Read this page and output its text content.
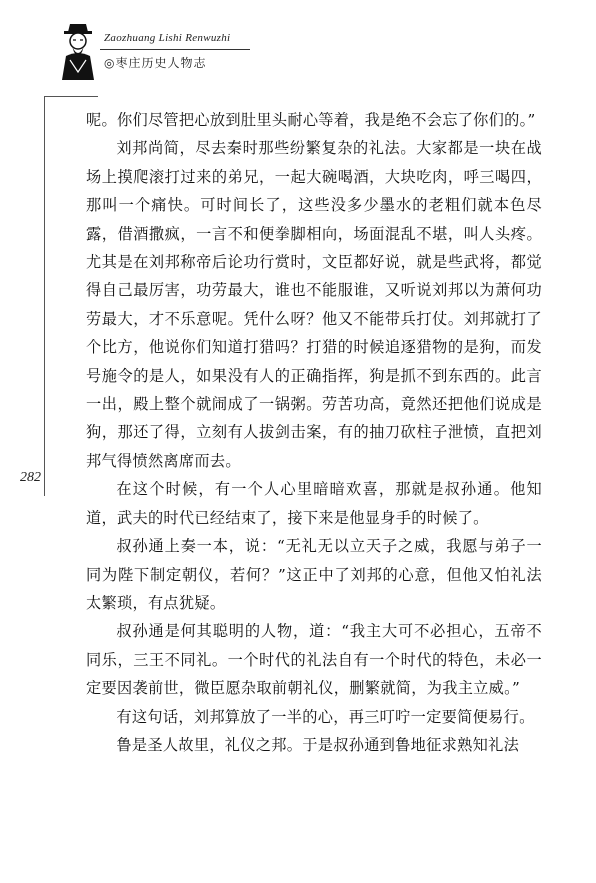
Zaozhuang Lishi Renwuzhi
◎枣庄历史人物志
282

呢。你们尽管把心放到肚里头耐心等着，我是绝不会忘了你们的。”

刘邦尚简，尽去秦时那些纷繁复杂的礼法。大家都是一块在战场上摸爬滚打过来的弟兄，一起大碗喝酒，大块吃肉，呼三喝四，那叫一个痛快。可时间长了，这些没多少墨水的老粗们就本色尽露，借酒撒疯，一言不和便拳脚相向，场面混乱不堪，叫人头疼。尤其是在刘邦称帝后论功行赏时，文臣都好说，就是些武将，都觉得自己最厉害，功劳最大，谁也不能服谁，又听说刘邦以为萧何功劳最大，才不乐意呢。凭什么呀？他又不能带兵打仗。刘邦就打了个比方，他说你们知道打猎吗？打猎的时候追逐猎物的是狗，而发号施令的是人，如果没有人的正确指挥，狗是抓不到东西的。此言一出，殿上整个就闹成了一锅粥。劳苦功高，竟然还把他们说成是狗，那还了得，立刻有人拔剑击案，有的抽刀砍柱子泄愤，直把刘邦气得愤然离席而去。

在这个时候，有一个人心里暗暗欢喜，那就是叔孙通。他知道，武夫的时代已经结束了，接下来是他显身手的时候了。

叔孙通上奏一本，说：“无礼无以立天子之威，我愿与弟子一同为陛下制定朝仪，若何？”这正中了刘邦的心意，但他又怕礼法太繁琐，有点犹疑。

叔孙通是何其聪明的人物，道：“我主大可不必担心，五帝不同乐，三王不同礼。一个时代的礼法自有一个时代的特色，未必一定要因袭前世，微臣愿杂取前朝礼仪，删繁就简，为我主立威。”

有这句话，刘邦算放了一半的心，再三叮咛一定要简便易行。

鲁是圣人故里，礼仪之邦。于是叔孙通到鲁地征求熟知礼法
